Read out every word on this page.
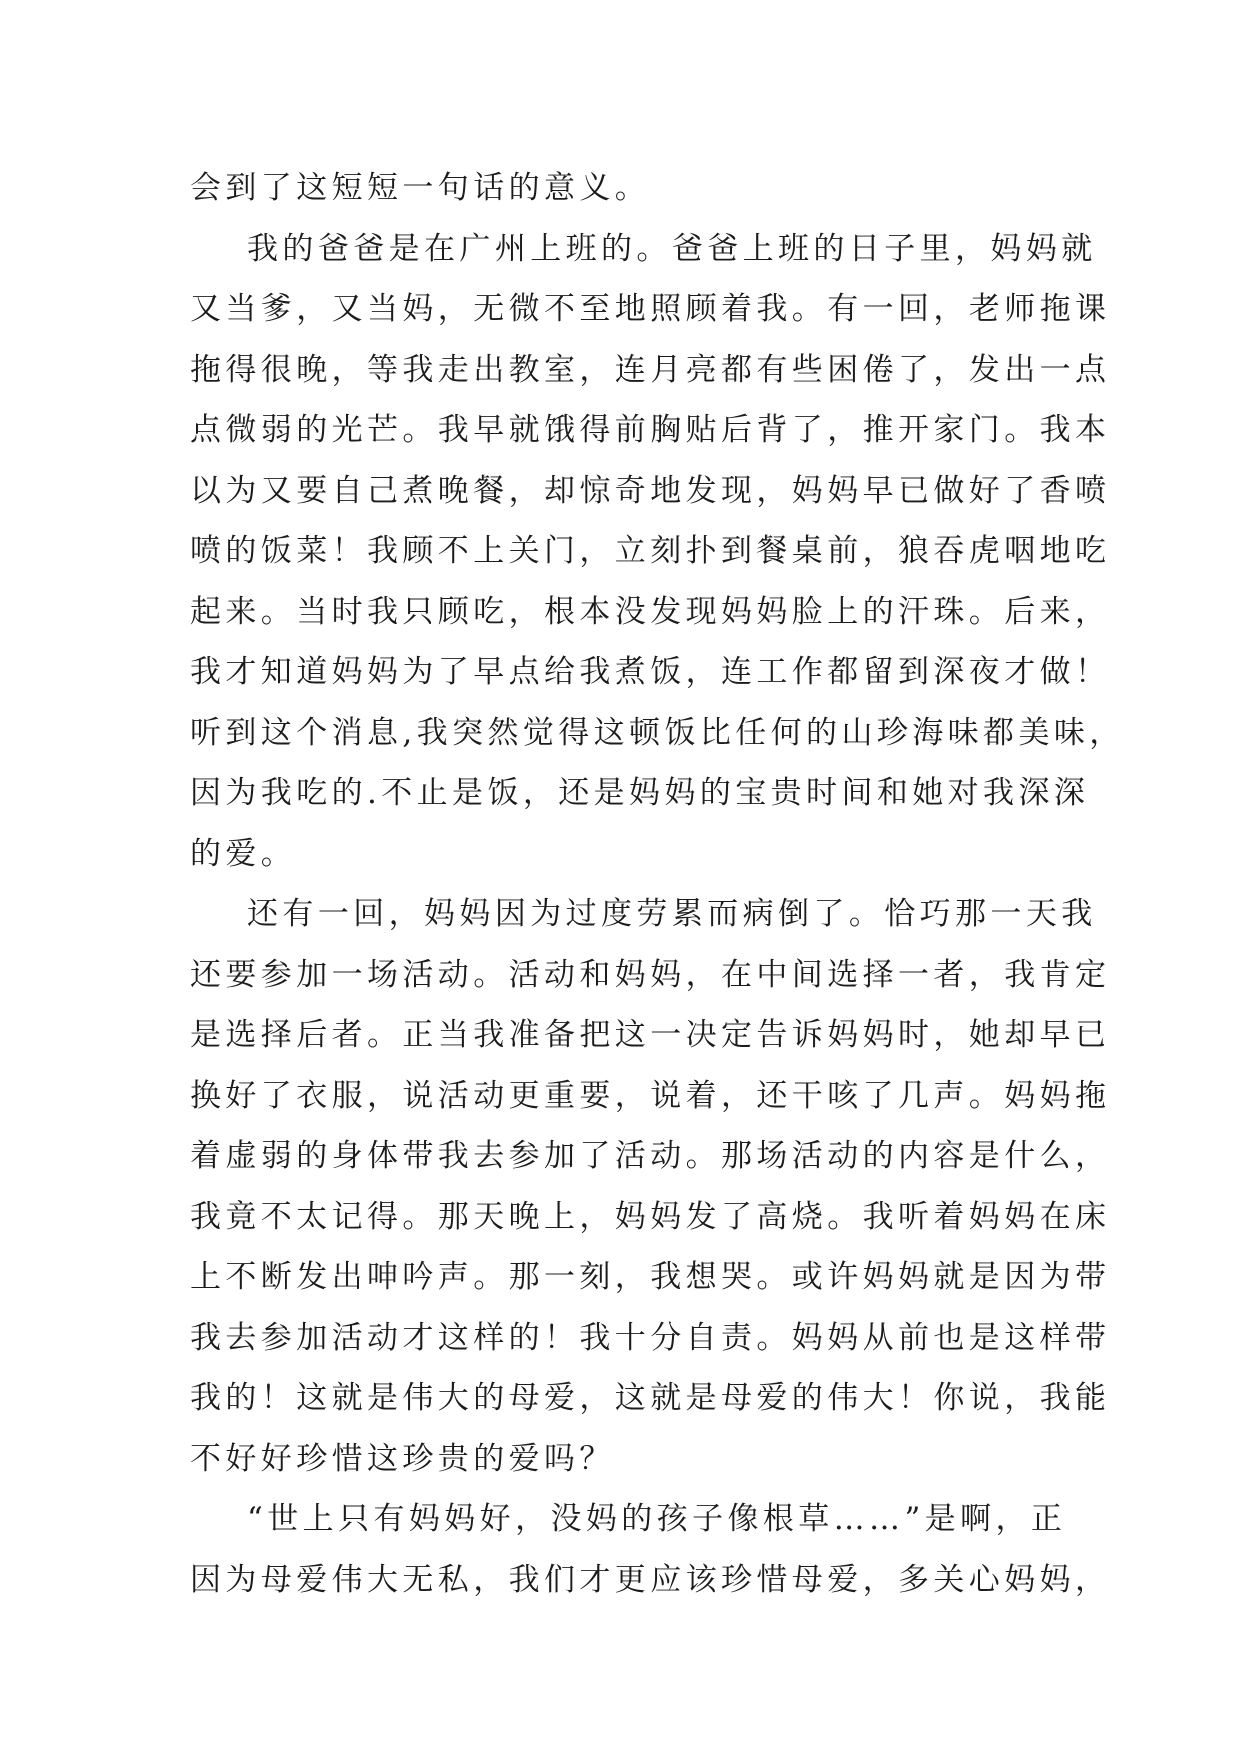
会到了这短短一句话的意义。
我的爸爸是在广州上班的。爸爸上班的日子里，妈妈就
又当爹，又当妈，无微不至地照顾着我。有一回，老师拖课
拖得很晚，等我走出教室，连月亮都有些困倦了，发出一点
点微弱的光芒。我早就饿得前胸贴后背了，推开家门。我本
以为又要自己煮晚餐，却惊奇地发现，妈妈早已做好了香喷
喷的饭菜！我顾不上关门，立刻扑到餐桌前，狼吞虎咽地吃
起来。当时我只顾吃，根本没发现妈妈脸上的汗珠。后来，
我才知道妈妈为了早点给我煮饭，连工作都留到深夜才做！
听到这个消息,我突然觉得这顿饭比任何的山珍海味都美味，
因为我吃的.不止是饭，还是妈妈的宝贵时间和她对我深深
的爱。
还有一回，妈妈因为过度劳累而病倒了。恰巧那一天我
还要参加一场活动。活动和妈妈，在中间选择一者，我肯定
是选择后者。正当我准备把这一决定告诉妈妈时，她却早已
换好了衣服，说活动更重要，说着，还干咳了几声。妈妈拖
着虚弱的身体带我去参加了活动。那场活动的内容是什么，
我竟不太记得。那天晚上，妈妈发了高烧。我听着妈妈在床
上不断发出呻吟声。那一刻，我想哭。或许妈妈就是因为带
我去参加活动才这样的！我十分自责。妈妈从前也是这样带
我的！这就是伟大的母爱，这就是母爱的伟大！你说，我能
不好好珍惜这珍贵的爱吗？
“世上只有妈妈好，没妈的孩子像根草……”是啊，正
因为母爱伟大无私，我们才更应该珍惜母爱，多关心妈妈，
